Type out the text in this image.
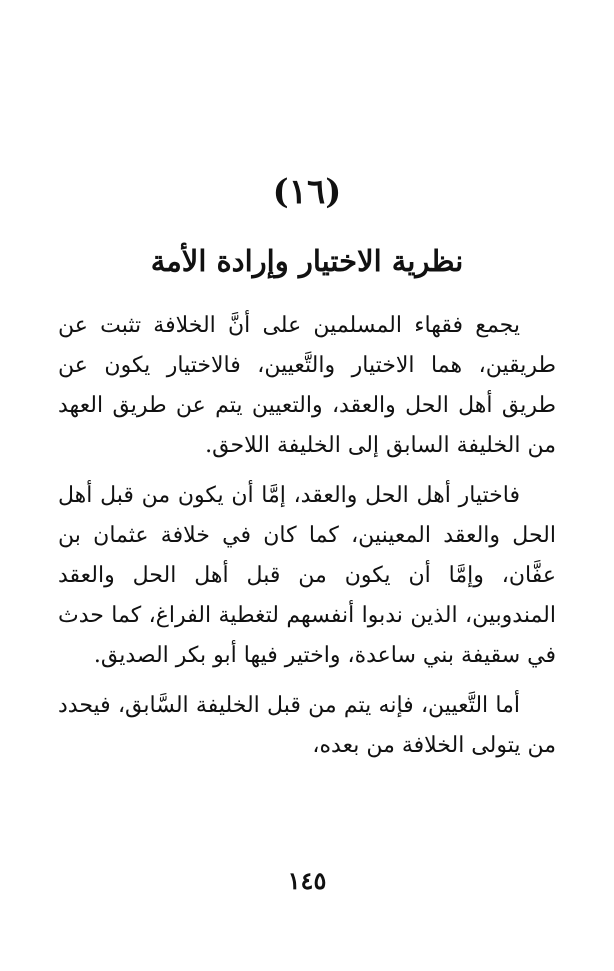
(١٦)
نظرية الاختيار وإرادة الأمة

يجمع فقهاء المسلمين على أنَّ الخلافة تثبت عن طريقين، هما الاختيار والتَّعيين، فالاختيار يكون عن طريق أهل الحل والعقد، والتعيين يتم عن طريق العهد من الخليفة السابق إلى الخليفة اللاحق.

فاختيار أهل الحل والعقد، إمَّا أن يكون من قبل أهل الحل والعقد المعينين، كما كان في خلافة عثمان بن عفَّان، وإمَّا أن يكون من قبل أهل الحل والعقد المندوبين، الذين ندبوا أنفسهم لتغطية الفراغ، كما حدث في سقيفة بني ساعدة، واختير فيها أبو بكر الصديق.

أما التَّعيين، فإنه يتم من قبل الخليفة السَّابق، فيحدد من يتولى الخلافة من بعده،

١٤٥
